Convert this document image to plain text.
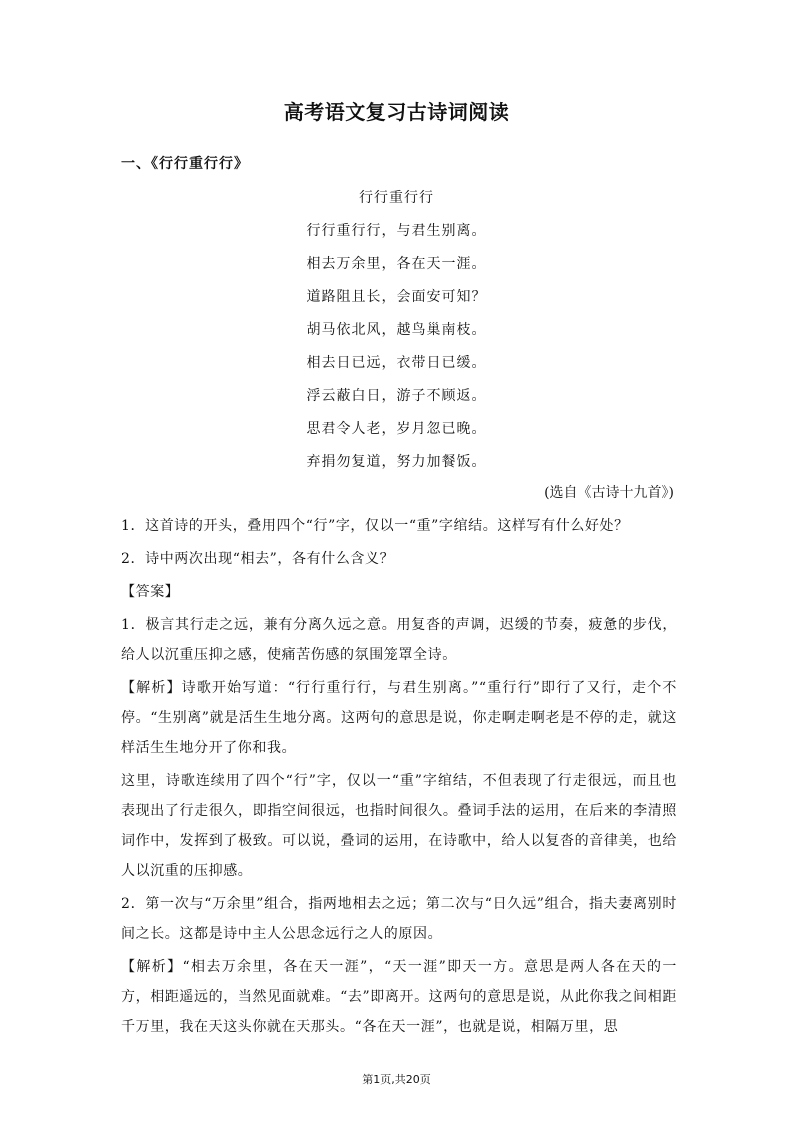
高考语文复习古诗词阅读
一、《行行重行行》
行行重行行
行行重行行，与君生别离。
相去万余里，各在天一涯。
道路阻且长，会面安可知？
胡马依北风，越鸟巢南枝。
相去日已远，衣带日已缓。
浮云蔽白日，游子不顾返。
思君令人老，岁月忽已晚。
弃捐勿复道，努力加餐饭。
(选自《古诗十九首》)

1．这首诗的开头，叠用四个“行”字，仅以一“重”字绾结。这样写有什么好处？

2．诗中两次出现“相去”，各有什么含义？

【答案】

1．极言其行走之远，兼有分离久远之意。用复沓的声调，迟缓的节奏，疲惫的步伐，给人以沉重压抑之感，使痛苦伤感的氛围笼罩全诗。

【解析】诗歌开始写道：“行行重行行，与君生别离。”“重行行”即行了又行，走个不停。“生别离”就是活生生地分离。这两句的意思是说，你走啊走啊老是不停的走，就这样活生生地分开了你和我。

这里，诗歌连续用了四个“行”字，仅以一“重”字绾结，不但表现了行走很远，而且也表现出了行走很久，即指空间很远，也指时间很久。叠词手法的运用，在后来的李清照词作中，发挥到了极致。可以说，叠词的运用，在诗歌中，给人以复沓的音律美，也给人以沉重的压抑感。

2．第一次与“万余里”组合，指两地相去之远；第二次与“日久远”组合，指夫妻离别时间之长。这都是诗中主人公思念远行之人的原因。

【解析】“相去万余里，各在天一涯”，“天一涯”即天一方。意思是两人各在天的一方，相距遥远的，当然见面就难。“去”即离开。这两句的意思是说，从此你我之间相距千万里，我在天这头你就在天那头。“各在天一涯”，也就是说，相隔万里，思

第1页,共20页
